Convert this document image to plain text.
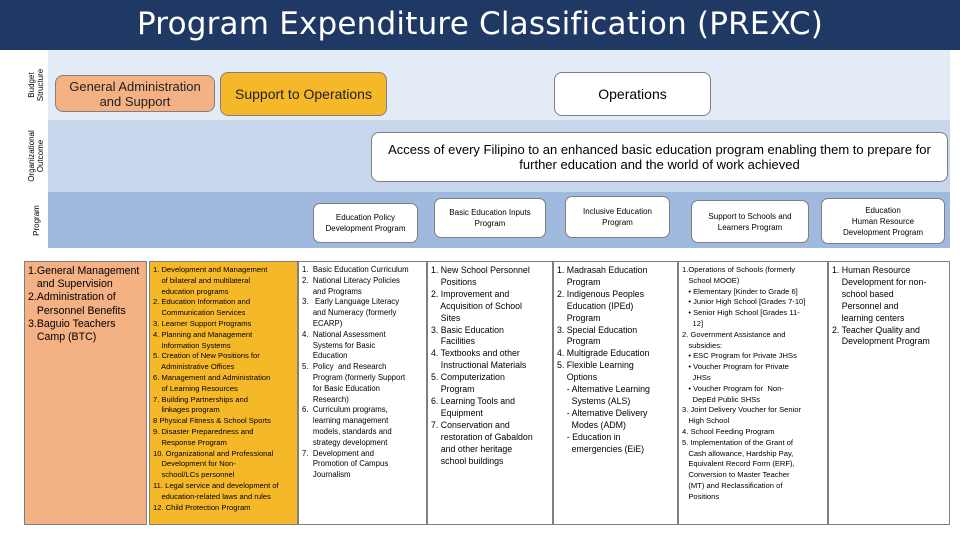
Program Expenditure Classification (PREXC)
Budget
Structure
Organizational
Outcome
Program
General Administration
and Support	Support to Operations	Operations
Access of every Filipino to an enhanced basic education program enabling them to prepare for further education and the world of work achieved
Education Policy
Development Program
Basic Education Inputs
Program
Inclusive Education
Program
Support to Schools and
Learners Program
Education
Human Resource
Development Program
1.General Management
and Supervision
2.Administration of
Personnel Benefits
3.Baguio Teachers
Camp (BTC)
1. Development and Management
of bilateral and multilateral
education programs
2. Education Information and
Communication Services
3. Learner Support Programs
4. Planning and Management
Information Systems
5. Creation of New Positions for
Administrative Offices
6. Management and Administration
of Learning Resources
7. Building Partnerships and
linkages program
8 Physical Fitness & School Sports
9. Disaster Preparedness and
Response Program
10. Organizational and Professional
Development for Non-
school/LCs personnel
11. Legal service and development of
education-related laws and rules
12. Child Protection Program
1.  Basic Education Curriculum
2.  National Literacy Policies
and Programs
3.   Early Language Literacy
and Numeracy (formerly
ECARP)
4.  National Assessment
Systems for Basic
Education
5.  Policy  and Research
Program (formerly Support
for Basic Education
Research)
6.  Curriculum programs,
learning management
models, standards and
strategy development
7.  Development and
Promotion of Campus
Journalism
1. New School Personnel
Positions
2. Improvement and
Acquisition of School
Sites
3. Basic Education
Facilities
4. Textbooks and other
Instructional Materials
5. Computerization
Program
6. Learning Tools and
Equipment
7. Conservation and
restoration of Gabaldon
and other heritage
school buildings
1. Madrasah Education
Program
2. Indigenous Peoples
Education (IPEd)
Program
3. Special Education
Program
4. Multigrade Education
5. Flexible Learning
Options
- Alternative Learning
Systems (ALS)
- Alternative Delivery
Modes (ADM)
- Education in
emergencies (EiE)
1.Operations of Schools (formerly
School MOOE)
• Elementary [Kinder to Grade 6]
• Junior High School [Grades 7-10]
• Senior High School [Grades 11-
12]
2. Government Assistance and
subsidies:
• ESC Program for Private JHSs
• Voucher Program for Private
JHSs
• Voucher Program for  Non-
DepEd Public SHSs
3. Joint Delivery Voucher for Senior
High School
4. School Feeding Program
5. Implementation of the Grant of
Cash allowance, Hardship Pay,
Equivalent Record Form (ERF),
Conversion to Master Teacher
(MT) and Reclassification of
Positions
1. Human Resource
Development for non-
school based
Personnel and
learning centers
2. Teacher Quality and
Development Program
